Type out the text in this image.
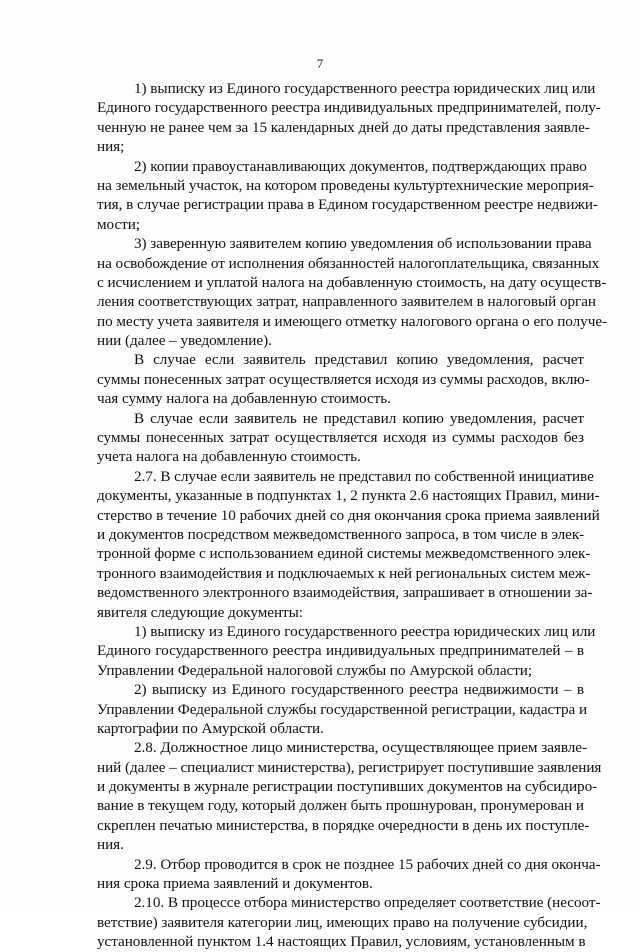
7
1) выписку из Единого государственного реестра юридических лиц или
Единого государственного реестра индивидуальных предпринимателей, полу-
ченную не ранее чем за 15 календарных дней до даты представления заявле-
ния;
2) копии правоустанавливающих документов, подтверждающих право
на земельный участок, на котором проведены культуртехнические мероприя-
тия, в случае регистрации права в Едином государственном реестре недвижи-
мости;
3) заверенную заявителем копию уведомления об использовании права
на освобождение от исполнения обязанностей налогоплательщика, связанных
с исчислением и уплатой налога на добавленную стоимость, на дату осуществ-
ления соответствующих затрат, направленного заявителем в налоговый орган
по месту учета заявителя и имеющего отметку налогового органа о его получе-
нии (далее – уведомление).
В случае если заявитель представил копию уведомления, расчет
суммы понесенных затрат осуществляется исходя из суммы расходов, вклю-
чая сумму налога на добавленную стоимость.
В случае если заявитель не представил копию уведомления, расчет
суммы понесенных затрат осуществляется исходя из суммы расходов без
учета налога на добавленную стоимость.
2.7. В случае если заявитель не представил по собственной инициативе
документы, указанные в подпунктах 1, 2 пункта 2.6 настоящих Правил, мини-
стерство в течение 10 рабочих дней со дня окончания срока приема заявлений
и документов посредством межведомственного запроса, в том числе в элек-
тронной форме с использованием единой системы межведомственного элек-
тронного взаимодействия и подключаемых к ней региональных систем меж-
ведомственного электронного взаимодействия, запрашивает в отношении за-
явителя следующие документы:
1) выписку из Единого государственного реестра юридических лиц или
Единого государственного реестра индивидуальных предпринимателей – в
Управлении Федеральной налоговой службы по Амурской области;
2) выписку из Единого государственного реестра недвижимости – в
Управлении Федеральной службы государственной регистрации, кадастра и
картографии по Амурской области.
2.8. Должностное лицо министерства, осуществляющее прием заявле-
ний (далее – специалист министерства), регистрирует поступившие заявления
и документы в журнале регистрации поступивших документов на субсидиро-
вание в текущем году, который должен быть прошнурован, пронумерован и
скреплен печатью министерства, в порядке очередности в день их поступле-
ния.
2.9. Отбор проводится в срок не позднее 15 рабочих дней со дня оконча-
ния срока приема заявлений и документов.
2.10. В процессе отбора министерство определяет соответствие (несоот-
ветствие) заявителя категории лиц, имеющих право на получение субсидии,
установленной пунктом 1.4 настоящих Правил, условиям, установленным в
